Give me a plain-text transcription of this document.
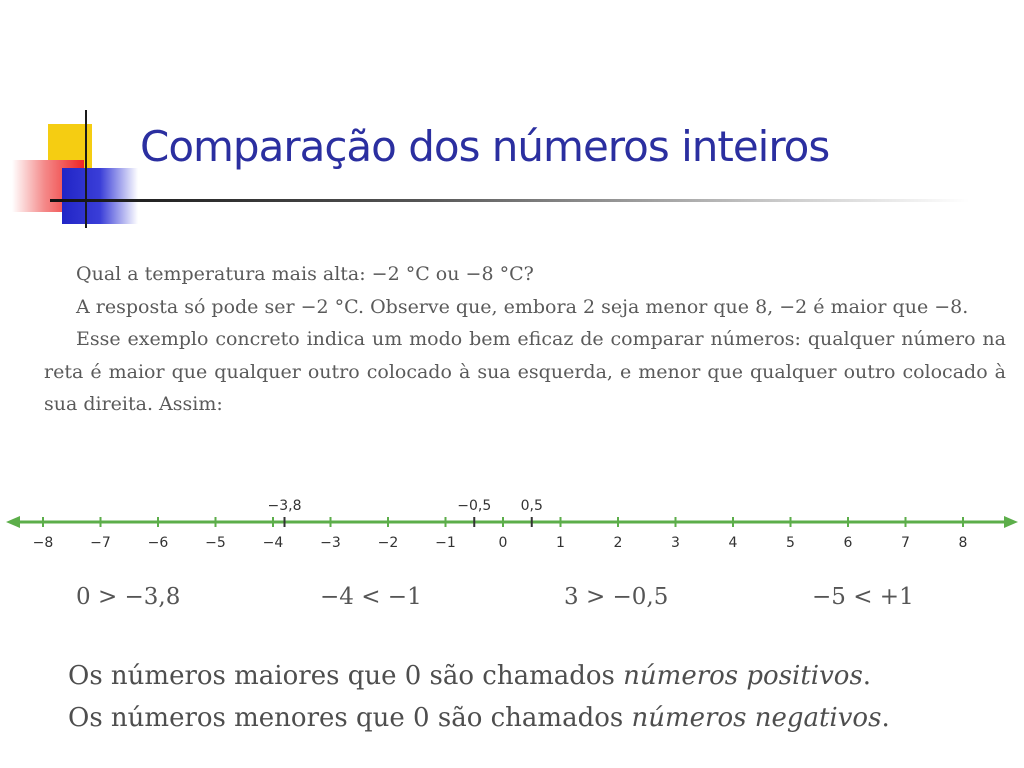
Comparação dos números inteiros

Qual a temperatura mais alta: −2 °C ou −8 °C?

A resposta só pode ser −2 °C. Observe que, embora 2 seja menor que 8, −2 é maior que −8.

Esse exemplo concreto indica um modo bem eficaz de comparar números: qualquer número na reta é maior que qualquer outro colocado à sua esquerda, e menor que qualquer outro colocado à sua direita. Assim:

−8	−7	−6	−5	−4	−3	−2	−1	0	1	2	3	4	5	6	7	8
−3,8	−0,5 0,5
0 > −3,8	−4 < −1	3 > −0,5	−5 < +1

Os números maiores que 0 são chamados números positivos.

Os números menores que 0 são chamados números negativos.
